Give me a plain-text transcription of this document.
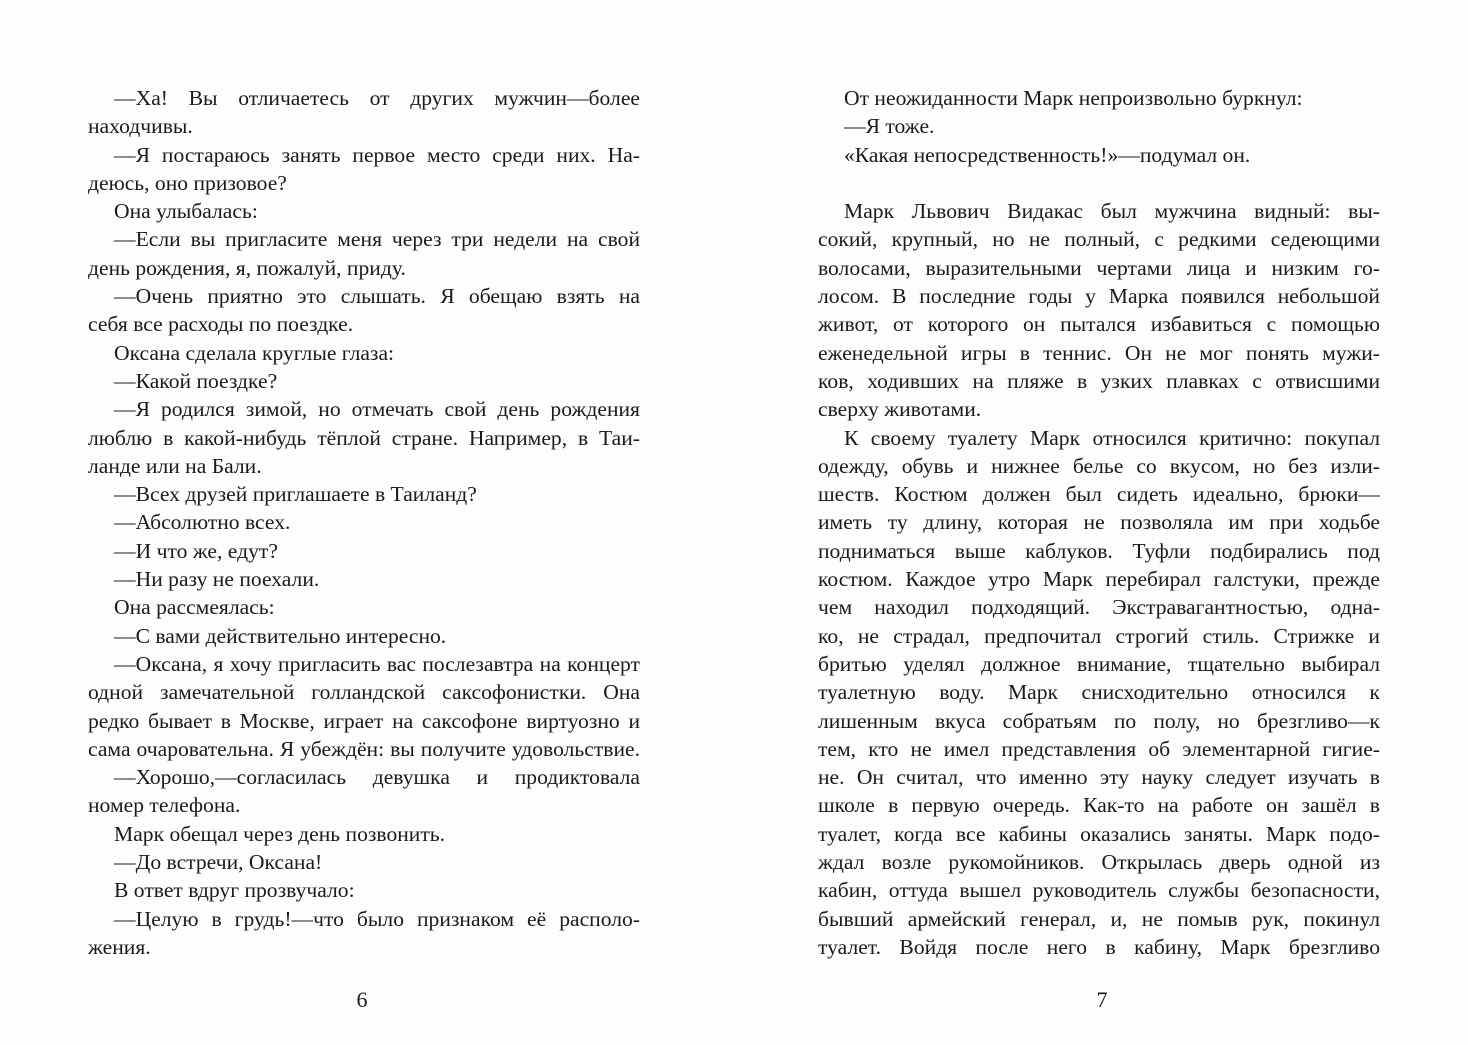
—Ха! Вы отличаетесь от других мужчин—более
находчивы.
—Я постараюсь занять первое место среди них. На-
деюсь, оно призовое?
Она улыбалась:
—Если вы пригласите меня через три недели на свой
день рождения, я, пожалуй, приду.
—Очень приятно это слышать. Я обещаю взять на
себя все расходы по поездке.
Оксана сделала круглые глаза:
—Какой поездке?
—Я родился зимой, но отмечать свой день рождения
люблю в какой-нибудь тёплой стране. Например, в Таи-
ланде или на Бали.
—Всех друзей приглашаете в Таиланд?
—Абсолютно всех.
—И что же, едут?
—Ни разу не поехали.
Она рассмеялась:
—С вами действительно интересно.
—Оксана, я хочу пригласить вас послезавтра на концерт
одной замечательной голландской саксофонистки. Она
редко бывает в Москве, играет на саксофоне виртуозно и
сама очаровательна. Я убеждён: вы получите удовольствие.
—Хорошо,—согласилась девушка и продиктовала
номер телефона.
Марк обещал через день позвонить.
—До встречи, Оксана!
В ответ вдруг прозвучало:
—Целую в грудь!—что было признаком её располо-
жения.
6
От неожиданности Марк непроизвольно буркнул:
—Я тоже.
«Какая непосредственность!»—подумал он.
Марк Львович Видакас был мужчина видный: вы-
сокий, крупный, но не полный, с редкими седеющими
волосами, выразительными чертами лица и низким го-
лосом. В последние годы у Марка появился небольшой
живот, от которого он пытался избавиться с помощью
еженедельной игры в теннис. Он не мог понять мужи-
ков, ходивших на пляже в узких плавках с отвисшими
сверху животами.
К своему туалету Марк относился критично: покупал
одежду, обувь и нижнее белье со вкусом, но без изли-
шеств. Костюм должен был сидеть идеально, брюки—
иметь ту длину, которая не позволяла им при ходьбе
подниматься выше каблуков. Туфли подбирались под
костюм. Каждое утро Марк перебирал галстуки, прежде
чем находил подходящий. Экстравагантностью, одна-
ко, не страдал, предпочитал строгий стиль. Стрижке и
бритью уделял должное внимание, тщательно выбирал
туалетную воду. Марк снисходительно относился к
лишенным вкуса собратьям по полу, но брезгливо—к
тем, кто не имел представления об элементарной гигие-
не. Он считал, что именно эту науку следует изучать в
школе в первую очередь. Как-то на работе он зашёл в
туалет, когда все кабины оказались заняты. Марк подо-
ждал возле рукомойников. Открылась дверь одной из
кабин, оттуда вышел руководитель службы безопасности,
бывший армейский генерал, и, не помыв рук, покинул
туалет. Войдя после него в кабину, Марк брезгливо
7
